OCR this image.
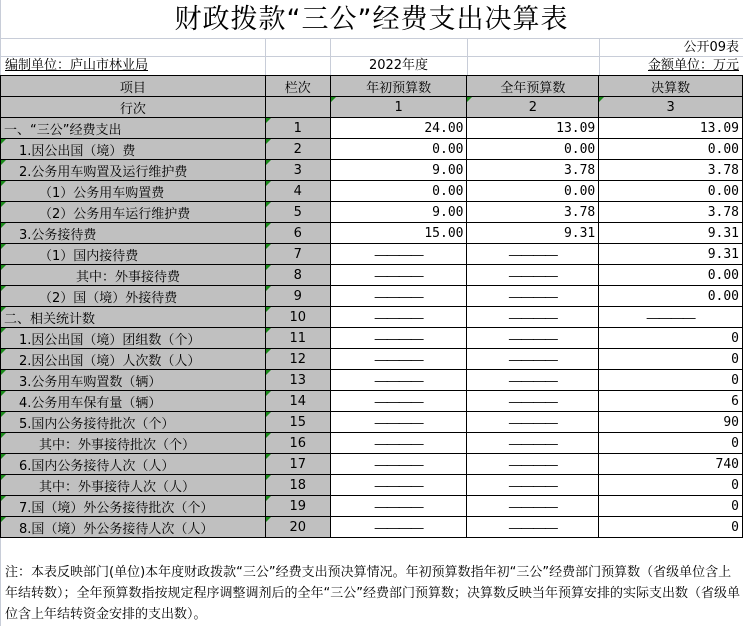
财政拨款“三公”经费支出决算表
公开09表
编制单位：庐山市林业局	2022年度	金额单位：万元
项目	栏次	年初预算数	全年预算数	决算数
行次		1	2	3
一、“三公”经费支出	1	24.00	13.09	13.09

1.因公出国（境）费	2	0.00	0.00	0.00

2.公务用车购置及运行维护费	3	9.00	3.78	3.78

（1）公务用车购置费	4	0.00	0.00	0.00

（2）公务用车运行维护费	5	9.00	3.78	3.78

3.公务接待费	6	15.00	9.31	9.31

（1）国内接待费	7	————	————	9.31

其中：外事接待费	8	————	————	0.00

（2）国（境）外接待费	9	————	————	0.00

二、相关统计数	10	————	————	————

1.因公出国（境）团组数（个）	11	————	————	0

2.因公出国（境）人次数（人）	12	————	————	0

3.公务用车购置数（辆）	13	————	————	0

4.公务用车保有量（辆）	14	————	————	6

5.国内公务接待批次（个）	15	————	————	90

其中：外事接待批次（个）	16	————	————	0

6.国内公务接待人次（人）	17	————	————	740

其中：外事接待人次（人）	18	————	————	0

7.国（境）外公务接待批次（个）	19	————	————	0

8.国（境）外公务接待人次（人）	20	————	————	0
注：本表反映部门(单位)本年度财政拨款“三公”经费支出预决算情况。年初预算数指年初“三公”经费部门预算数（省级单位含上年结转数）；全年预算数指按规定程序调整调剂后的全年“三公”经费部门预算数；决算数反映当年预算安排的实际支出数（省级单位含上年结转资金安排的支出数）。
